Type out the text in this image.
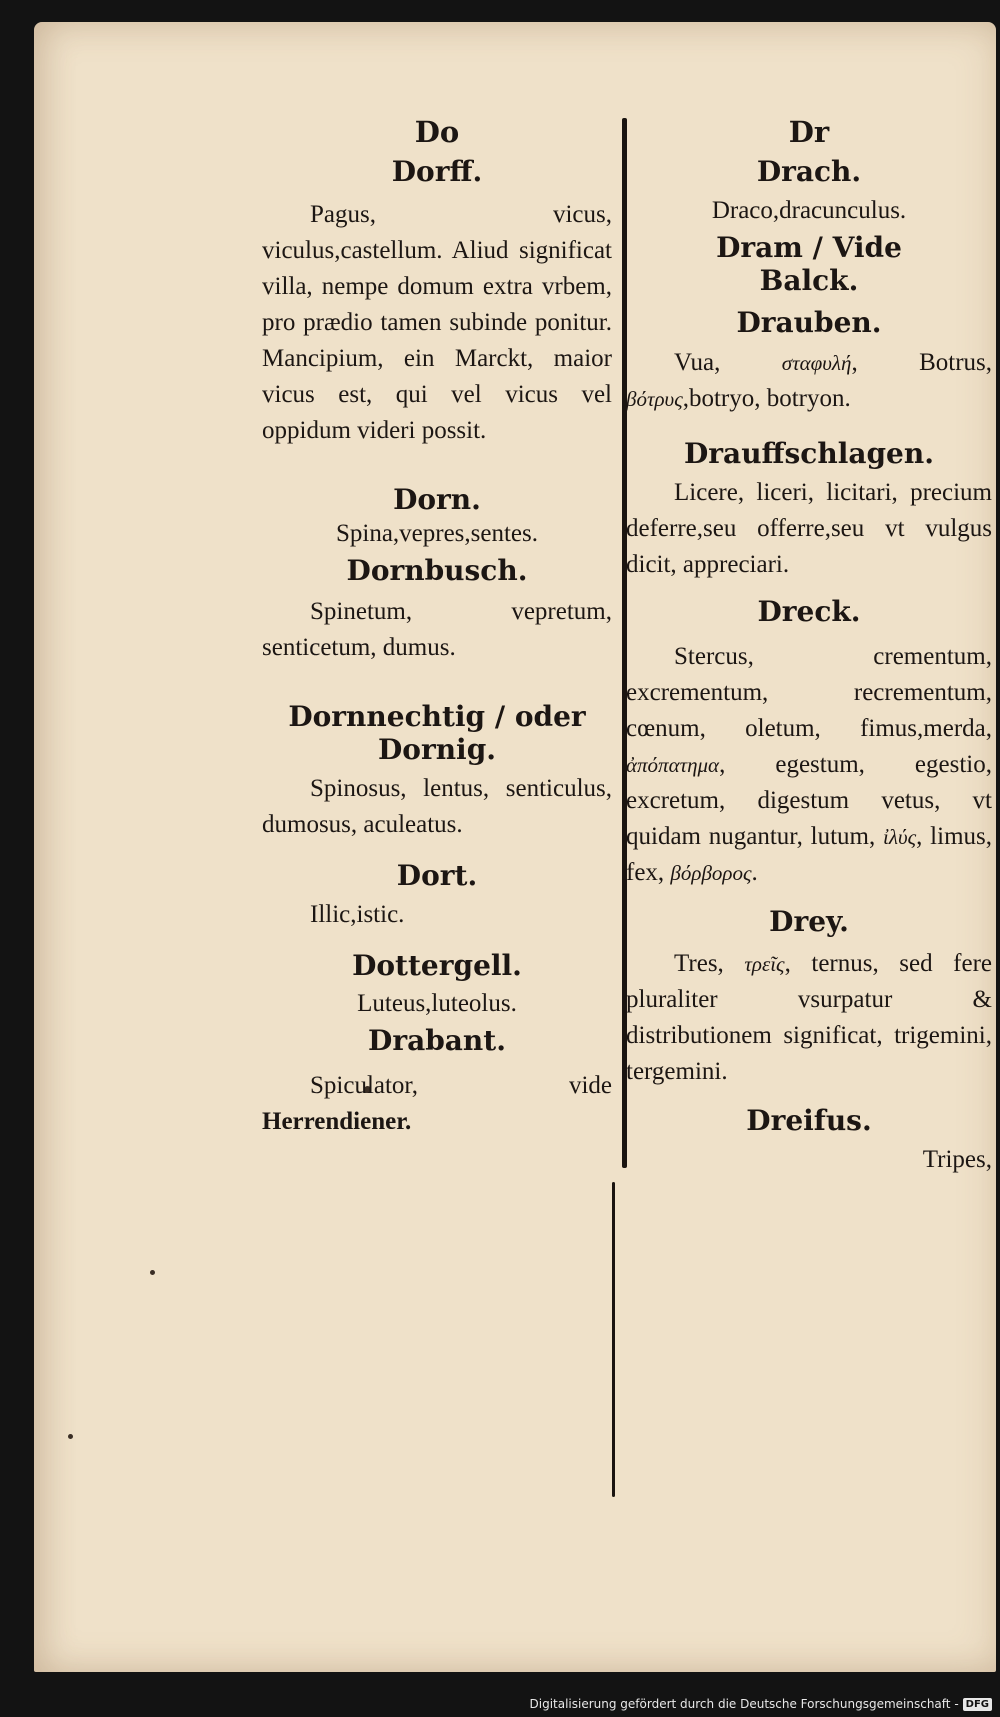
Do

Dorff.

Pagus, vicus, viculus,castellum. Aliud significat villa, nempe domum extra vrbem, pro prædio tamen subinde ponitur. Mancipium, ein Marckt, maior vicus est, qui vel vicus vel oppidum videri possit.

Dorn.

Spina,vepres,sentes.

Dornbusch.

Spinetum, vepretum, senticetum, dumus.

Dornnechtig / oder Dornig.

Spinosus, lentus, senticulus, dumosus, aculeatus.

Dort.

Illic,istic.

Dottergell.

Luteus,luteolus.

Drabant.

Spiculator, vide Herrendiener.

Dr

Drach.

Draco,dracunculus.

Dram / Vide

Balck.

Drauben.

Vua, σταφυλή, Botrus, βότρυς,botryo, botryon.

Drauffschlagen.

Licere, liceri, licitari, precium deferre,seu offerre,seu vt vulgus dicit, appreciari.

Dreck.

Stercus, crementum, excrementum, recrementum, cœnum, oletum, fimus,merda, ἀπόπατημα, egestum, egestio, excretum, digestum vetus, vt quidam nugantur, lutum, ἰλύς, limus, fex, βόρβορος.

Drey.

Tres, τρεῖς, ternus, sed fere pluraliter vsurpatur & distributionem significat, trigemini, tergemini.

Dreifus.

Tripes,

Digitalisierung gefördert durch die Deutsche Forschungsgemeinschaft - DFG
